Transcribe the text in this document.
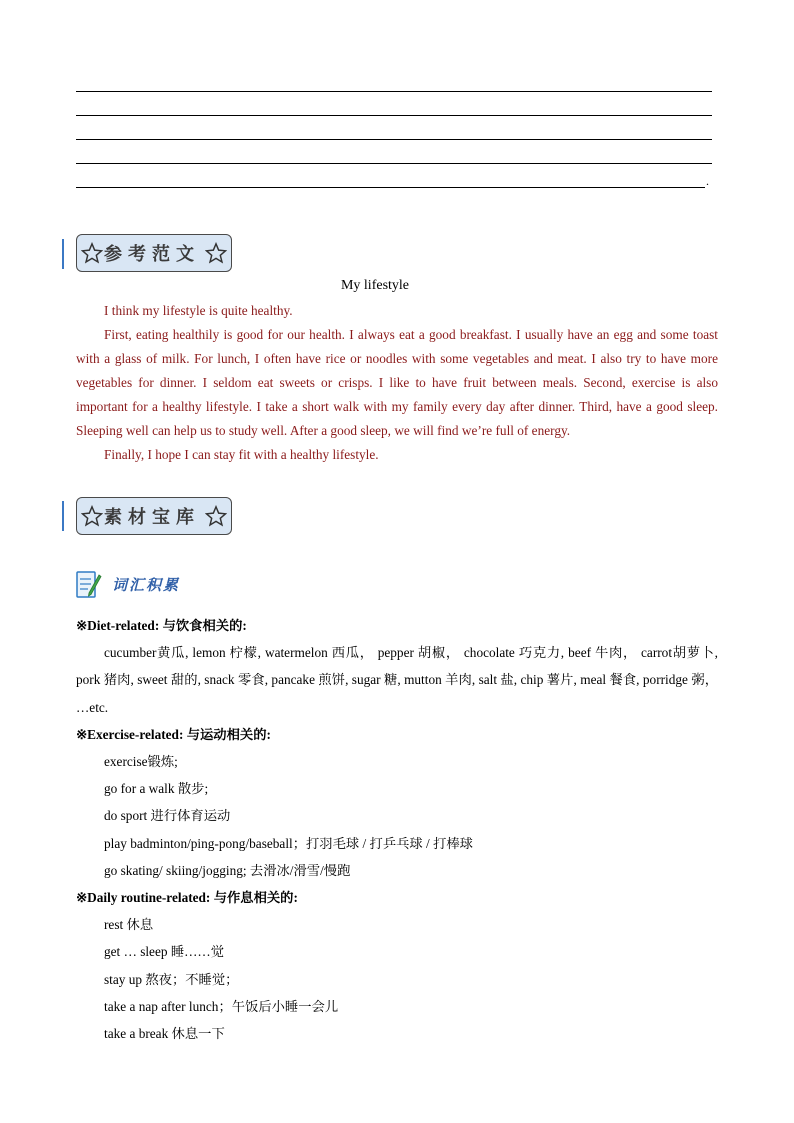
.
参考范文
My lifestyle

I think my lifestyle is quite healthy.

First, eating healthily is good for our health. I always eat a good breakfast. I usually have an egg and some toast with a glass of milk. For lunch, I often have rice or noodles with some vegetables and meat. I also try to have more vegetables for dinner. I seldom eat sweets or crisps. I like to have fruit between meals. Second, exercise is also important for a healthy lifestyle. I take a short walk with my family every day after dinner. Third, have a good sleep. Sleeping well can help us to study well. After a good sleep, we will find we’re full of energy.

Finally, I hope I can stay fit with a healthy lifestyle.

素材宝库
词汇积累
※Diet-related: 与饮食相关的:
cucumber黄瓜, lemon 柠檬, watermelon 西瓜， pepper 胡椒， chocolate 巧克力, beef 牛肉， carrot胡萝卜, pork 猪肉, sweet 甜的, snack 零食, pancake 煎饼, sugar 糖, mutton 羊肉, salt 盐, chip 薯片, meal 餐食, porridge 粥， …etc.
※Exercise-related: 与运动相关的:
exercise锻炼;
go for a walk 散步;
do sport 进行体育运动
play badminton/ping-pong/baseball；打羽毛球 / 打乒乓球 / 打棒球
go skating/ skiing/jogging; 去滑冰/滑雪/慢跑
※Daily routine-related: 与作息相关的:
rest 休息
get … sleep 睡……觉
stay up 熬夜；不睡觉；
take a nap after lunch；午饭后小睡一会儿
take a break 休息一下
